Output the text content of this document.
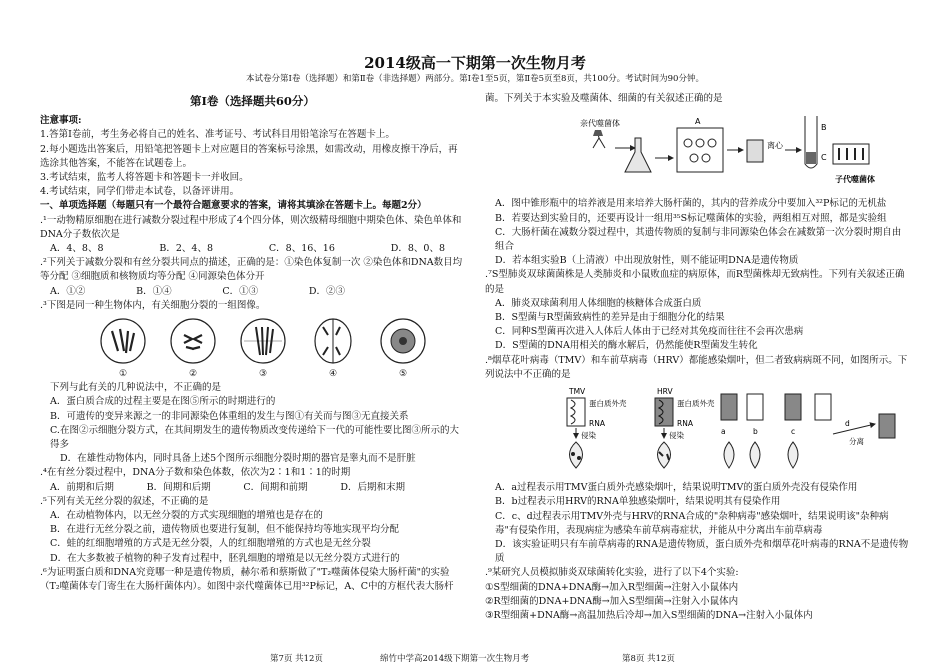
2014级高一下期第一次生物月考
本试卷分第Ⅰ卷（选择题）和第Ⅱ卷（非选择题）两部分。第Ⅰ卷1至5页，第Ⅱ卷5页至8页，共100分。考试时间为90分钟。
第Ⅰ卷（选择题共60分）

注意事项:

1.答第Ⅰ卷前，考生务必将自己的姓名、准考证号、考试科目用铅笔涂写在答题卡上。

2.每小题选出答案后，用铅笔把答题卡上对应题目的答案标号涂黑，如需改动，用橡皮擦干净后，再选涂其他答案，不能答在试题卷上。

3.考试结束，监考人将答题卡和答题卡一并收回。

4.考试结束，同学们带走本试卷，以备评讲用。

一、单项选择题（每题只有一个最符合题意要求的答案，请将其填涂在答题卡上。每题2分）

.¹一动物精原细胞在进行减数分裂过程中形成了4个四分体，则次级精母细胞中期染色体、染色单体和DNA分子数依次是

A．4、8、8	B．2、4、8	C．8、16、16	D．8、0、8

.²下列关于减数分裂和有丝分裂共同点的描述，正确的是：①染色体复制一次 ②染色体和DNA数目均等分配 ③细胞质和核物质均等分配 ④同源染色体分开

A．①②	B．①④	C．①③	D．②③

.³下图是同一种生物体内，有关细胞分裂的一组图像。

①	②	③	④	⑤

下列与此有关的几种说法中，不正确的是

A．蛋白质合成的过程主要是在图⑤所示的时期进行的

B．可遗传的变异来源之一的非同源染色体重组的发生与图①有关而与图③无直接关系

C.在图②示细胞分裂方式，在其间期发生的遗传物质改变传递给下一代的可能性要比图③所示的大得多

D．在雄性动物体内，同时具备上述5个图所示细胞分裂时期的器官是睾丸而不是肝脏

.⁴在有丝分裂过程中，DNA分子数和染色体数，依次为2∶1和1∶1的时期

A．前期和后期	B．间期和后期	C．间期和前期	D．后期和末期

.⁵下列有关无丝分裂的叙述，不正确的是

A．在动植物体内，以无丝分裂的方式实现细胞的增殖也是存在的

B．在进行无丝分裂之前，遗传物质也要进行复制，但不能保持均等地实现平均分配

C．蛙的红细胞增殖的方式是无丝分裂，人的红细胞增殖的方式也是无丝分裂

D．在大多数被子植物的种子发育过程中，胚乳细胞的增殖是以无丝分裂方式进行的

.⁶为证明蛋白质和DNA究竟哪一种是遗传物质，赫尔希和蔡斯做了"T₂噬菌体侵染大肠杆菌"的实验（T₂噬菌体专门寄生在大肠杆菌体内）。如图中亲代噬菌体已用³²P标记，A、C中的方框代表大肠杆

菌。下列关于本实验及噬菌体、细菌的有关叙述正确的是

亲代噬菌体	A
离心
B
C
子代噬菌体

A．图中锥形瓶中的培养液是用来培养大肠杆菌的，其内的营养成分中要加入³²P标记的无机盐

B．若要达到实验目的，还要再设计一组用³⁵S标记噬菌体的实验，两组相互对照，都是实验组

C．大肠杆菌在减数分裂过程中，其遗传物质的复制与非同源染色体会在减数第一次分裂时期自由组合

D．若本组实验B（上清液）中出现放射性，则不能证明DNA是遗传物质

.⁷S型肺炎双球菌菌株是人类肺炎和小鼠败血症的病原体，而R型菌株却无致病性。下列有关叙述正确的是

A．肺炎双球菌利用人体细胞的核糖体合成蛋白质

B．S型菌与R型菌致病性的差异是由于细胞分化的结果

C．同种S型菌再次进入人体后人体由于已经对其免疫而往往不会再次患病

D．S型菌的DNA用相关的酶水解后，仍然能使R型菌发生转化

.⁸烟草花叶病毒（TMV）和车前草病毒（HRV）都能感染烟叶，但二者致病病斑不同，如图所示。下列说法中不正确的是

TMV
蛋白质外壳
RNA
侵染
HRV
蛋白质外壳
RNA
侵染	a	b	c
d
分离

A．a过程表示用TMV蛋白质外壳感染烟叶，结果说明TMV的蛋白质外壳没有侵染作用

B．b过程表示用HRV的RNA单独感染烟叶，结果说明其有侵染作用

C．c、d过程表示用TMV外壳与HRV的RNA合成的"杂种病毒"感染烟叶，结果说明该"杂种病毒"有侵染作用，表现病症为感染车前草病毒症状，并能从中分离出车前草病毒

D．该实验证明只有车前草病毒的RNA是遗传物质，蛋白质外壳和烟草花叶病毒的RNA不是遗传物质

.⁹某研究人员模拟肺炎双球菌转化实验，进行了以下4个实验:

①S型细菌的DNA+DNA酶→加入R型细菌→注射入小鼠体内

②R型细菌的DNA+DNA酶→加入S型细菌→注射入小鼠体内

③R型细菌+DNA酶→高温加热后冷却→加入S型细菌的DNA→注射入小鼠体内

第7页 共12页	绵竹中学高2014级下期第一次生物月考	第8页 共12页
